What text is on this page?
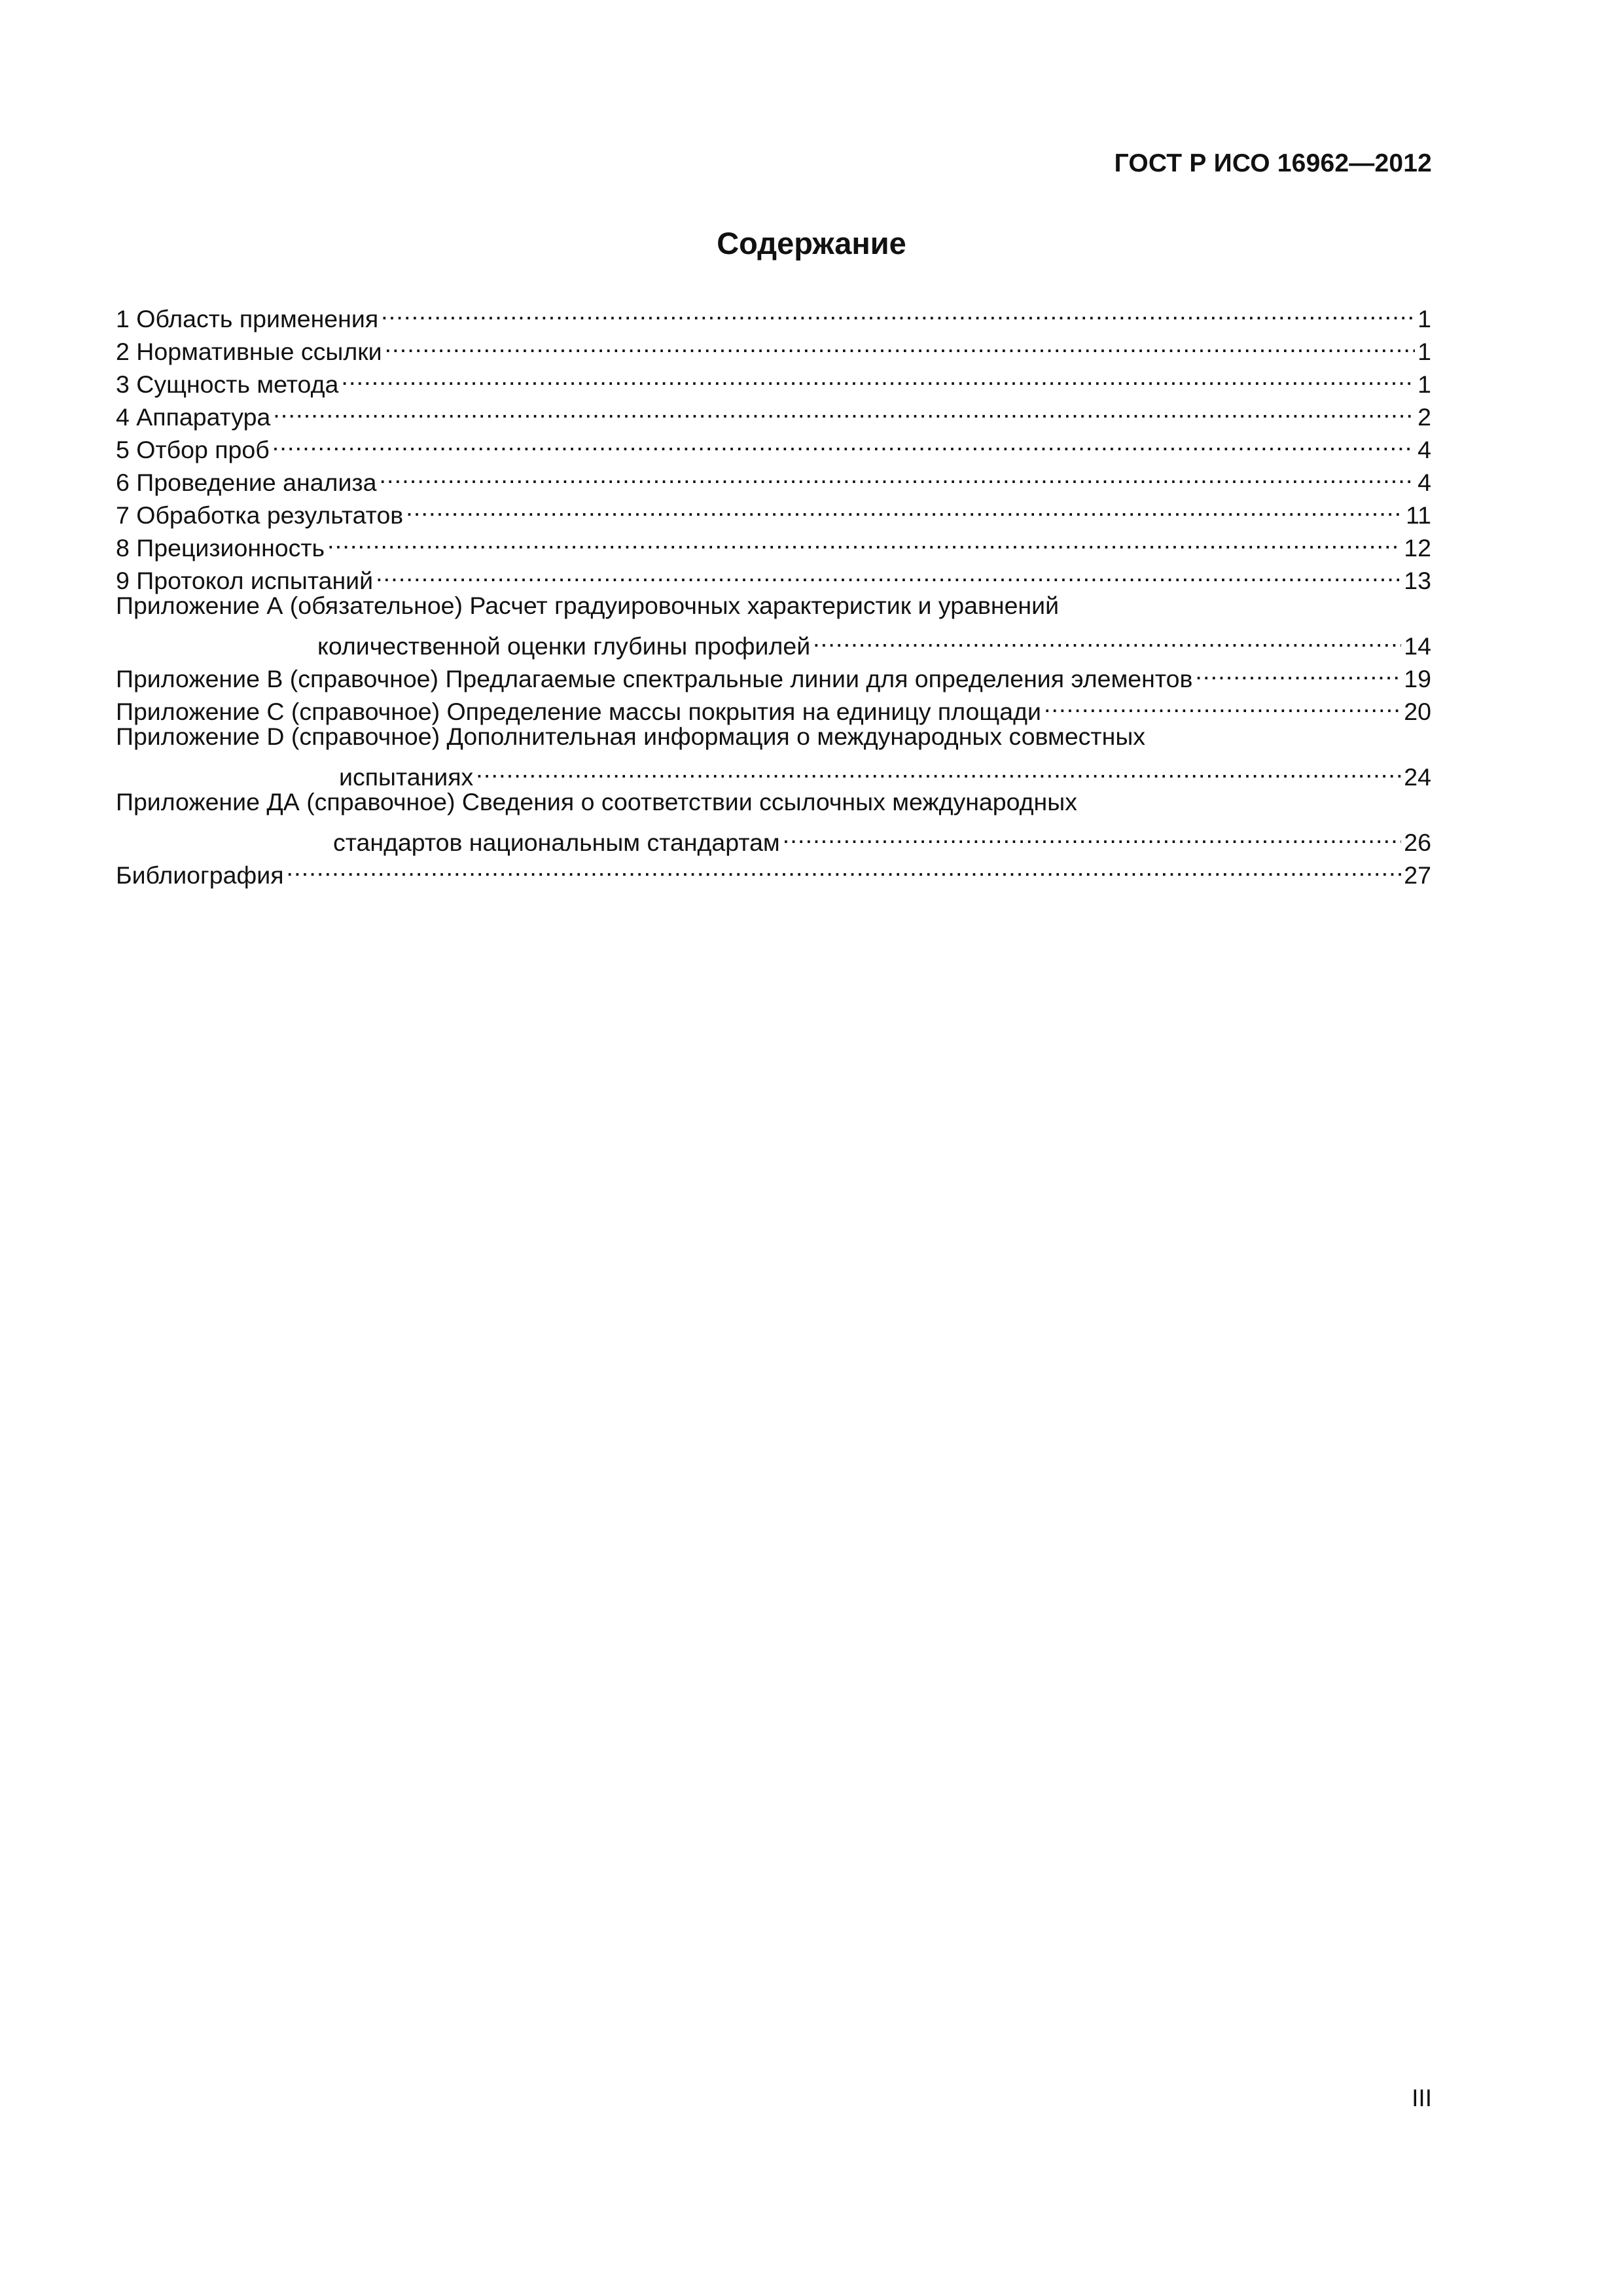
ГОСТ Р ИСО 16962—2012
Содержание
1 Область применения .....	1
2 Нормативные ссылки .....	1
3 Сущность метода .....	1
4 Аппаратура .....	2
5 Отбор проб .....	4
6 Проведение анализа .....	4
7 Обработка результатов .....	11
8 Прецизионность .....	12
9 Протокол испытаний .....	13
Приложение А (обязательное) Расчет градуировочных характеристик и уравнений
количественной оценки глубины профилей .....	14
Приложение В (справочное) Предлагаемые спектральные линии для определения элементов .....	19
Приложение С (справочное) Определение массы покрытия на единицу площади .....	20
Приложение D (справочное) Дополнительная информация о международных совместных
испытаниях .....	24
Приложение ДА (справочное) Сведения о соответствии ссылочных международных
стандартов национальным стандартам .....	26
Библиография .....	27
III
